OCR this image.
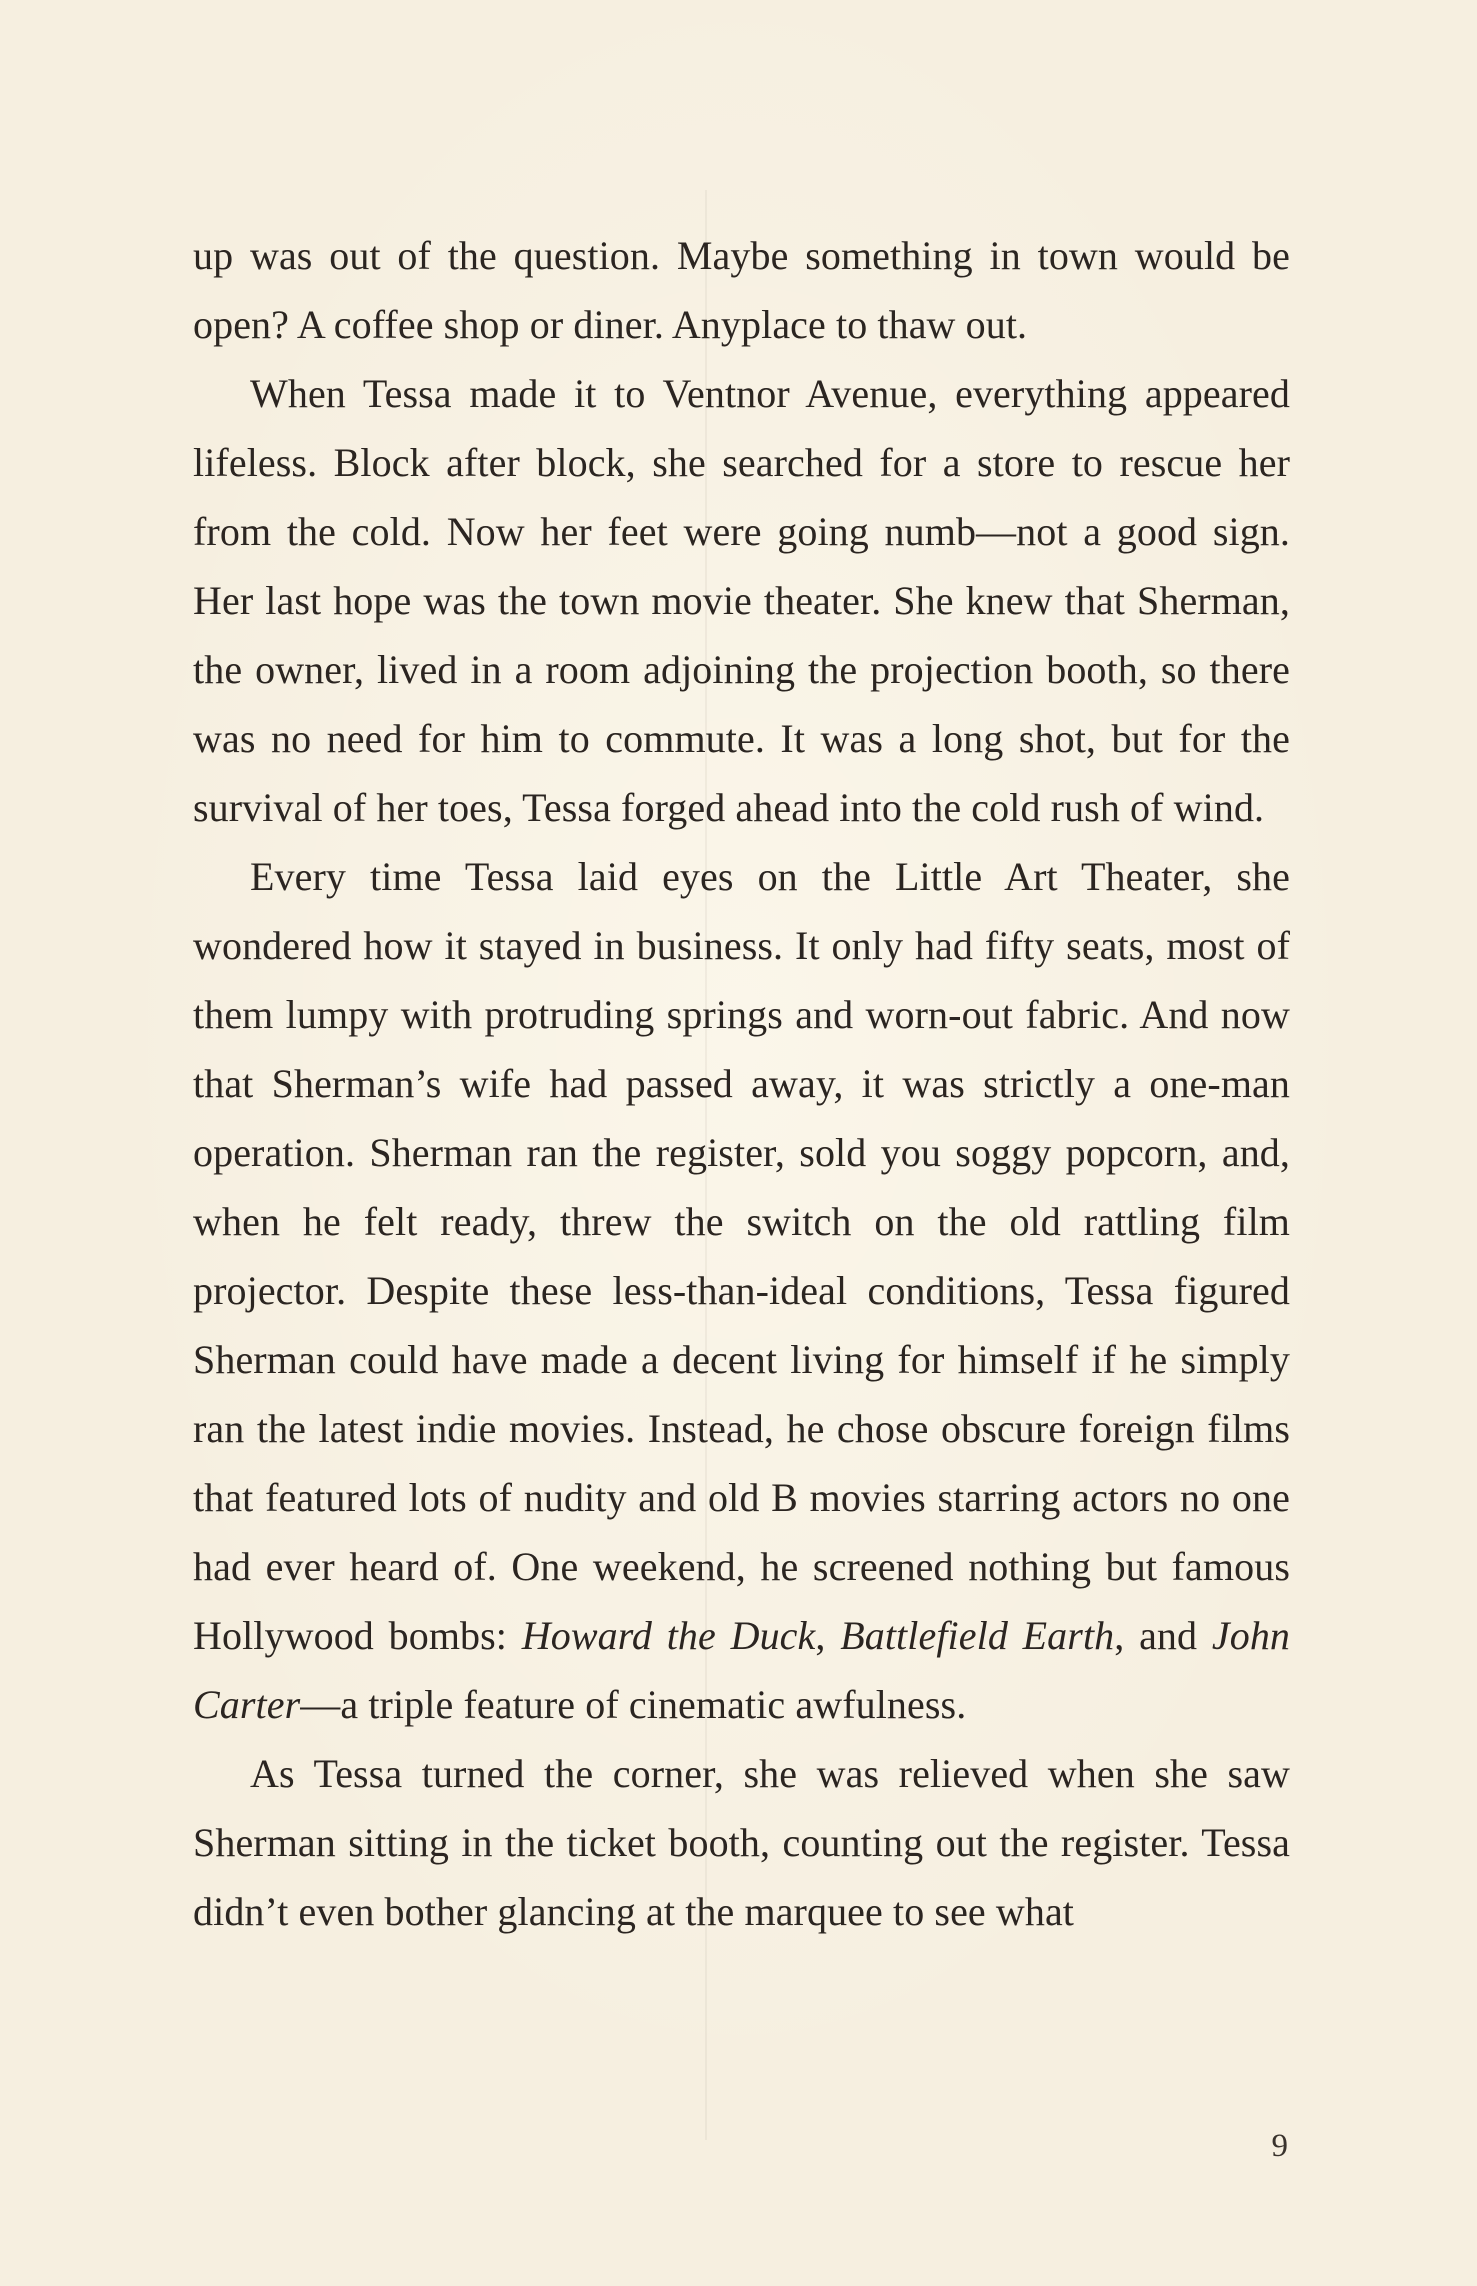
up was out of the question. Maybe something in town would be open? A coffee shop or diner. Anyplace to thaw out.

When Tessa made it to Ventnor Avenue, everything appeared lifeless. Block after block, she searched for a store to rescue her from the cold. Now her feet were going numb—not a good sign. Her last hope was the town movie theater. She knew that Sherman, the owner, lived in a room adjoining the projection booth, so there was no need for him to commute. It was a long shot, but for the survival of her toes, Tessa forged ahead into the cold rush of wind.

Every time Tessa laid eyes on the Little Art Theater, she wondered how it stayed in business. It only had fifty seats, most of them lumpy with protruding springs and worn-out fabric. And now that Sherman’s wife had passed away, it was strictly a one-man operation. Sherman ran the register, sold you soggy popcorn, and, when he felt ready, threw the switch on the old rattling film projector. Despite these less-than-ideal conditions, Tessa figured Sherman could have made a decent living for himself if he simply ran the latest indie movies. Instead, he chose obscure foreign films that featured lots of nudity and old B movies starring actors no one had ever heard of. One weekend, he screened nothing but famous Hollywood bombs: Howard the Duck, Battlefield Earth, and John Carter—a triple feature of cinematic awfulness.

As Tessa turned the corner, she was relieved when she saw Sherman sitting in the ticket booth, counting out the register. Tessa didn’t even bother glancing at the marquee to see what

9
